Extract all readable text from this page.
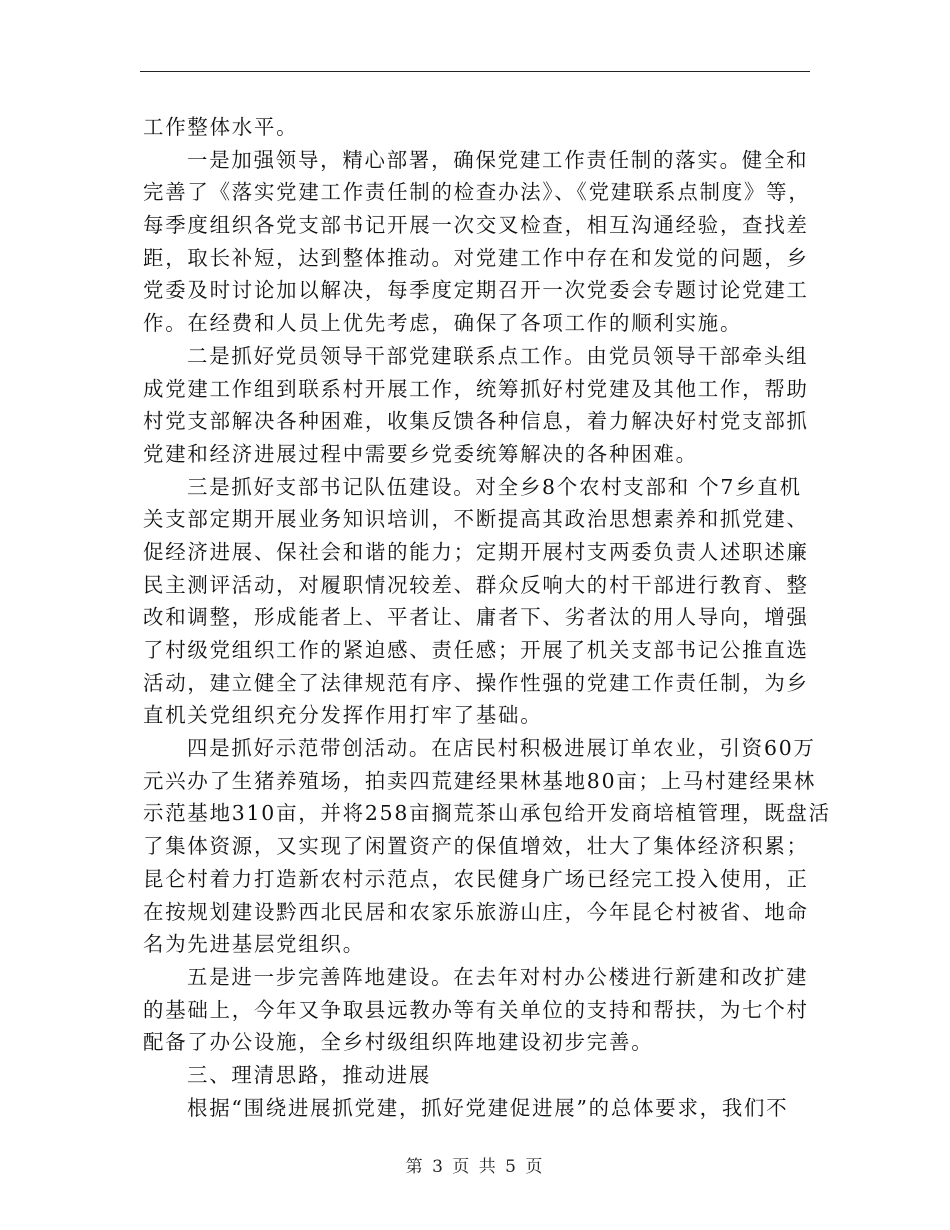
工作整体水平。
一是加强领导，精心部署，确保党建工作责任制的落实。健全和
完善了《落实党建工作责任制的检查办法》、《党建联系点制度》等，
每季度组织各党支部书记开展一次交叉检查，相互沟通经验，查找差
距，取长补短，达到整体推动。对党建工作中存在和发觉的问题，乡
党委及时讨论加以解决，每季度定期召开一次党委会专题讨论党建工
作。在经费和人员上优先考虑，确保了各项工作的顺利实施。
二是抓好党员领导干部党建联系点工作。由党员领导干部牵头组
成党建工作组到联系村开展工作，统筹抓好村党建及其他工作，帮助
村党支部解决各种困难，收集反馈各种信息，着力解决好村党支部抓
党建和经济进展过程中需要乡党委统筹解决的各种困难。
三是抓好支部书记队伍建设。对全乡8个农村支部和 个7乡直机
关支部定期开展业务知识培训，不断提高其政治思想素养和抓党建、
促经济进展、保社会和谐的能力；定期开展村支两委负责人述职述廉
民主测评活动，对履职情况较差、群众反响大的村干部进行教育、整
改和调整，形成能者上、平者让、庸者下、劣者汰的用人导向，增强
了村级党组织工作的紧迫感、责任感；开展了机关支部书记公推直选
活动，建立健全了法律规范有序、操作性强的党建工作责任制，为乡
直机关党组织充分发挥作用打牢了基础。
四是抓好示范带创活动。在店民村积极进展订单农业，引资60万
元兴办了生猪养殖场，拍卖四荒建经果林基地80亩；上马村建经果林
示范基地310亩，并将258亩搁荒茶山承包给开发商培植管理，既盘活
了集体资源，又实现了闲置资产的保值增效，壮大了集体经济积累；
昆仑村着力打造新农村示范点，农民健身广场已经完工投入使用，正
在按规划建设黔西北民居和农家乐旅游山庄，今年昆仑村被省、地命
名为先进基层党组织。
五是进一步完善阵地建设。在去年对村办公楼进行新建和改扩建
的基础上，今年又争取县远教办等有关单位的支持和帮扶，为七个村
配备了办公设施，全乡村级组织阵地建设初步完善。
三、理清思路，推动进展
根据“围绕进展抓党建，抓好党建促进展”的总体要求，我们不
第 3 页 共 5 页
